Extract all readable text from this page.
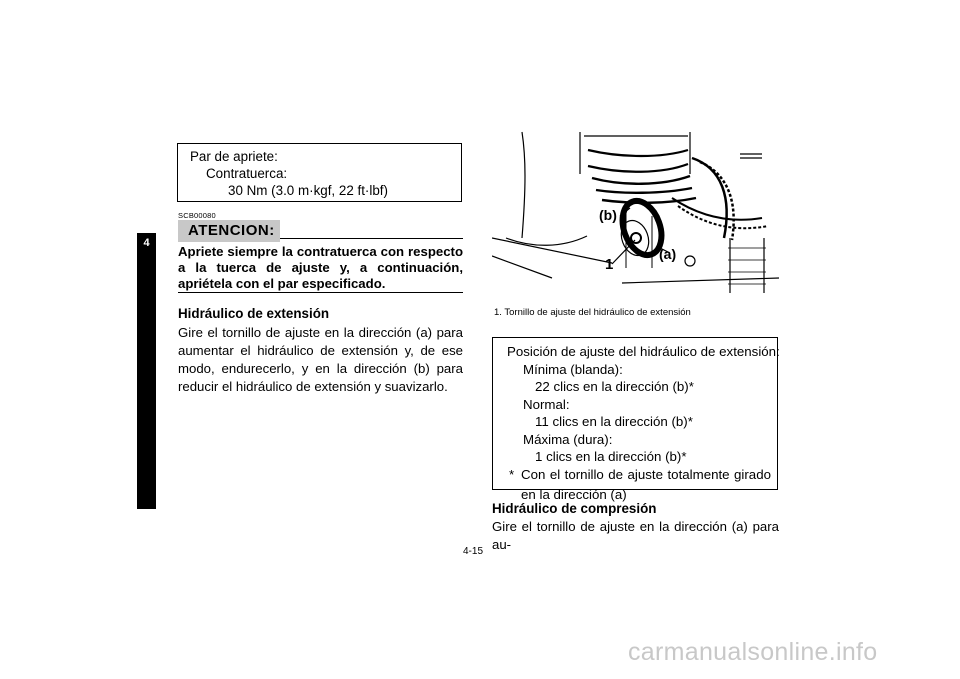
4
Par de apriete:
Contratuerca:
30 Nm (3.0 m·kgf, 22 ft·lbf)
SCB00080
ATENCION:
Apriete siempre la contratuerca con respecto a la tuerca de ajuste y, a continuación, apriétela con el par especificado.
Hidráulico de extensión
Gire el tornillo de ajuste en la dirección (a) para aumentar el hidráulico de extensión y, de ese modo, endurecerlo, y en la dirección (b) para reducir el hidráulico de extensión y suavizarlo.
(b)
(a)
1
1. Tornillo de ajuste del hidráulico de extensión
Posición de ajuste del hidráulico de extensión:
Mínima (blanda):
22 clics en la dirección (b)*
Normal:
11 clics en la dirección (b)*
Máxima (dura):
1 clics en la dirección (b)*
* Con el tornillo de ajuste totalmente girado
en la dirección (a)
Hidráulico de compresión
Gire el tornillo de ajuste en la dirección (a) para au-
4-15
carmanualsonline.info
